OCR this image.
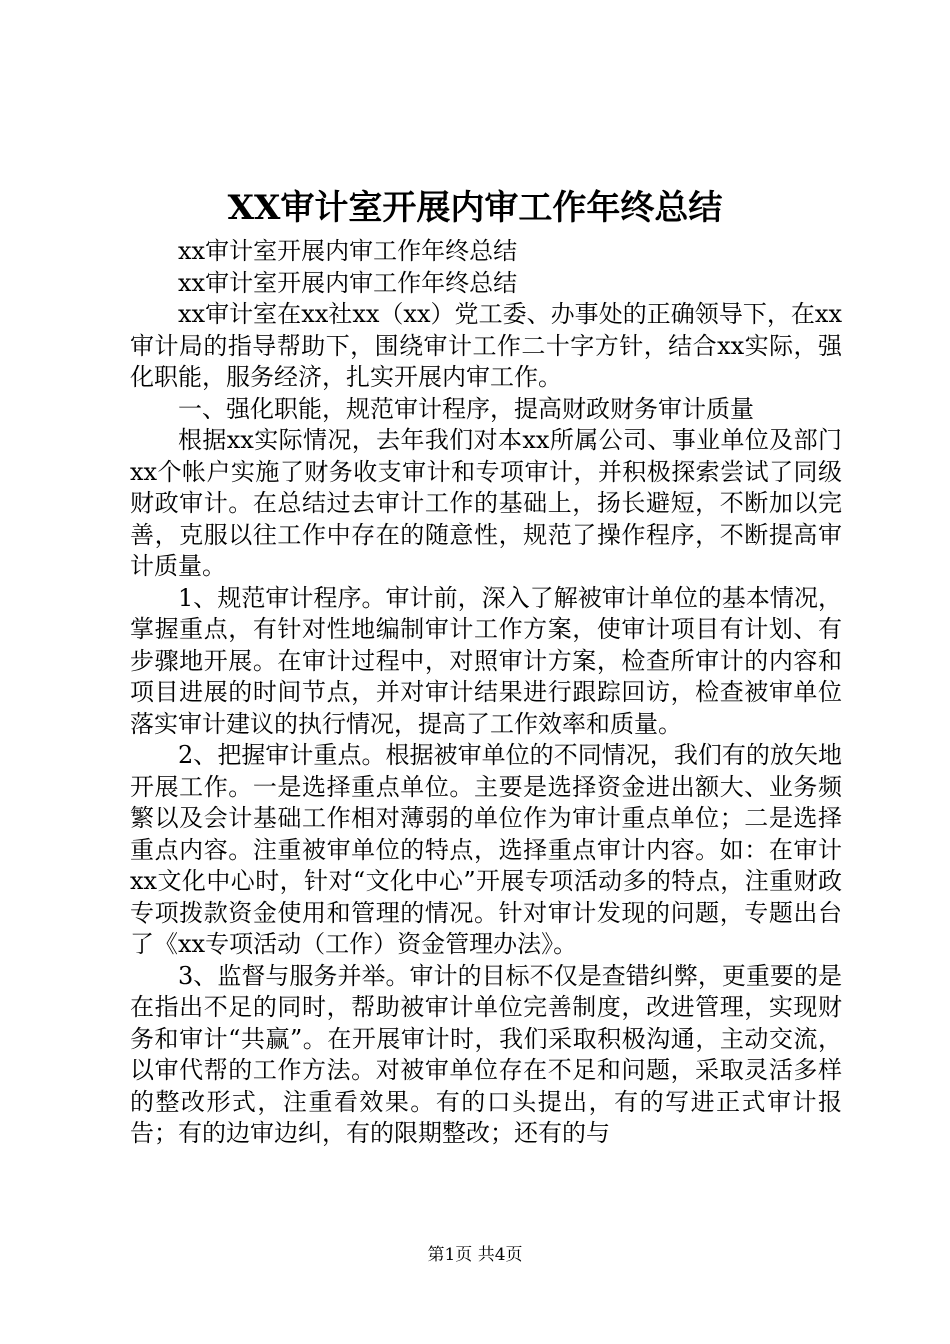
XX审计室开展内审工作年终总结

xx审计室开展内审工作年终总结

xx审计室开展内审工作年终总结

xx审计室在xx社xx（xx）党工委、办事处的正确领导下，在xx审计局的指导帮助下，围绕审计工作二十字方针，结合xx实际，强化职能，服务经济，扎实开展内审工作。

一、强化职能，规范审计程序，提高财政财务审计质量

根据xx实际情况，去年我们对本xx所属公司、事业单位及部门xx个帐户实施了财务收支审计和专项审计，并积极探索尝试了同级财政审计。在总结过去审计工作的基础上，扬长避短，不断加以完善，克服以往工作中存在的随意性，规范了操作程序，不断提高审计质量。

1、规范审计程序。审计前，深入了解被审计单位的基本情况，掌握重点，有针对性地编制审计工作方案，使审计项目有计划、有步骤地开展。在审计过程中，对照审计方案，检查所审计的内容和项目进展的时间节点，并对审计结果进行跟踪回访，检查被审单位落实审计建议的执行情况，提高了工作效率和质量。

2、把握审计重点。根据被审单位的不同情况，我们有的放矢地开展工作。一是选择重点单位。主要是选择资金进出额大、业务频繁以及会计基础工作相对薄弱的单位作为审计重点单位；二是选择重点内容。注重被审单位的特点，选择重点审计内容。如：在审计xx文化中心时，针对“文化中心”开展专项活动多的特点，注重财政专项拨款资金使用和管理的情况。针对审计发现的问题，专题出台了《xx专项活动（工作）资金管理办法》。

3、监督与服务并举。审计的目标不仅是查错纠弊，更重要的是在指出不足的同时，帮助被审计单位完善制度，改进管理，实现财务和审计“共赢”。在开展审计时，我们采取积极沟通，主动交流，以审代帮的工作方法。对被审单位存在不足和问题，采取灵活多样的整改形式，注重看效果。有的口头提出，有的写进正式审计报告；有的边审边纠，有的限期整改；还有的与

第1页 共4页
